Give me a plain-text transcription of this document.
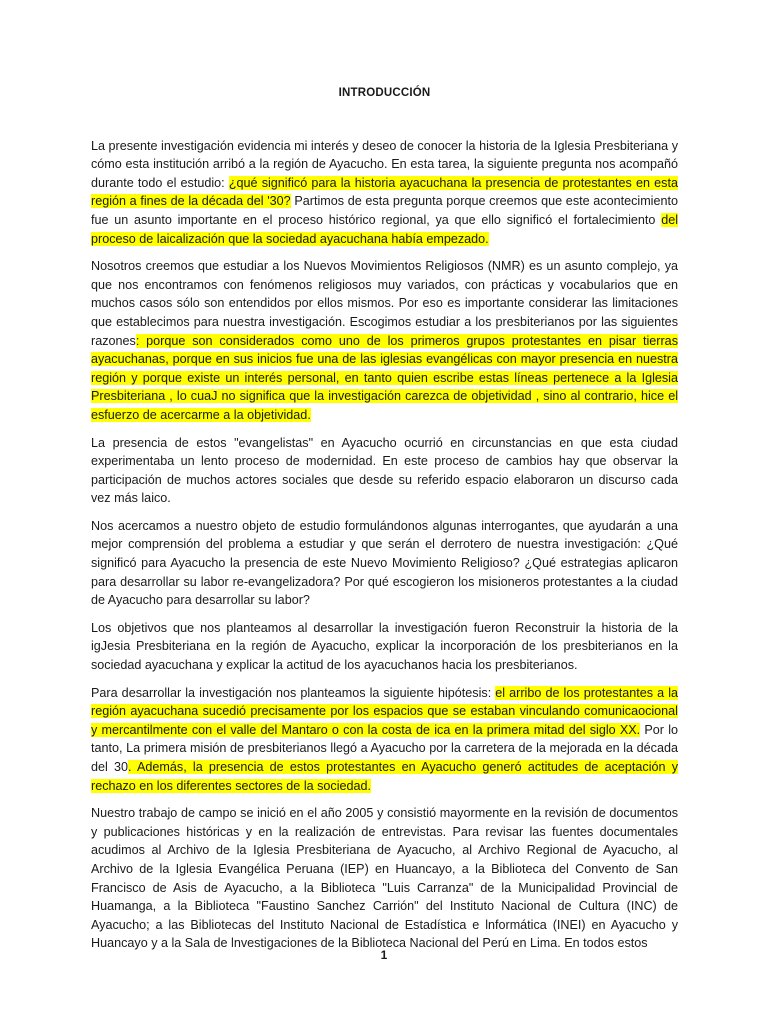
INTRODUCCIÓN

La presente investigación evidencia mi interés y deseo de conocer la historia de la Iglesia Presbiteriana y cómo esta institución arribó a la región de Ayacucho. En esta tarea, la siguiente pregunta nos acompañó durante todo el estudio: ¿qué significó para la historia ayacuchana la presencia de protestantes en esta región a fines de la década del '30? Partimos de esta pregunta porque creemos que este acontecimiento fue un asunto importante en el proceso histórico regional, ya que ello significó el fortalecimiento del proceso de laicalización que la sociedad ayacuchana había empezado.

Nosotros creemos que estudiar a los Nuevos Movimientos Religiosos (NMR) es un asunto complejo, ya que nos encontramos con fenómenos religiosos muy variados, con prácticas y vocabularios que en muchos casos sólo son entendidos por ellos mismos. Por eso es importante considerar las limitaciones que establecimos para nuestra investigación. Escogimos estudiar a los presbiterianos por las siguientes razones: porque son considerados como uno de los primeros grupos protestantes en pisar tierras ayacuchanas, porque en sus inicios fue una de las iglesias evangélicas con mayor presencia en nuestra región y porque existe un interés personal, en tanto quien escribe estas líneas pertenece a la Iglesia Presbiteriana , lo cuaJ no significa que la investigación carezca de objetividad , sino al contrario, hice el esfuerzo de acercarme a la objetividad.

La presencia de estos "evangelistas" en Ayacucho ocurrió en circunstancias en que esta ciudad experimentaba un lento proceso de modernidad. En este proceso de cambios hay que observar la participación de muchos actores sociales que desde su referido espacio elaboraron un discurso cada vez más laico.

Nos acercamos a nuestro objeto de estudio formulándonos algunas interrogantes, que ayudarán a una mejor comprensión del problema a estudiar y que serán el derrotero de nuestra investigación: ¿Qué significó para Ayacucho la presencia de este Nuevo Movimiento Religioso? ¿Qué estrategias aplicaron para desarrollar su labor re-evangelizadora? Por qué escogieron los misioneros protestantes a la ciudad de Ayacucho para desarrollar su labor?

Los objetivos que nos planteamos al desarrollar la investigación fueron Reconstruir la historia de la igJesia Presbiteriana en la región de Ayacucho, explicar la incorporación de los presbiterianos en la sociedad ayacuchana y explicar la actitud de los ayacuchanos hacia los presbiterianos.

Para desarrollar la investigación nos planteamos la siguiente hipótesis: el arribo de los protestantes a la región ayacuchana sucedió precisamente por los espacios que se estaban vinculando comunicaocional y mercantilmente con el valle del Mantaro o con la costa de ica en la primera mitad del siglo XX. Por lo tanto, La primera misión de presbiterianos llegó a Ayacucho por la carretera de la mejorada en la década del 30. Además, la presencia de estos protestantes en Ayacucho generó actitudes de aceptación y rechazo en los diferentes sectores de la sociedad.

Nuestro trabajo de campo se inició en el año 2005 y consistió mayormente en la revisión de documentos y publicaciones históricas y en la realización de entrevistas. Para revisar las fuentes documentales acudimos al Archivo de la Iglesia Presbiteriana de Ayacucho, al Archivo Regional de Ayacucho, al Archivo de la Iglesia Evangélica Peruana (IEP) en Huancayo, a la Biblioteca del Convento de San Francisco de Asis de Ayacucho, a la Biblioteca "Luis Carranza" de la Municipalidad Provincial de Huamanga, a la Biblioteca "Faustino Sanchez Carrión" del Instituto Nacional de Cultura (INC) de Ayacucho; a las Bibliotecas del Instituto Nacional de Estadística e lnformática (INEI) en Ayacucho y Huancayo y a la Sala de lnvestigaciones de la Biblioteca Nacional del Perú en Lima. En todos estos

1
